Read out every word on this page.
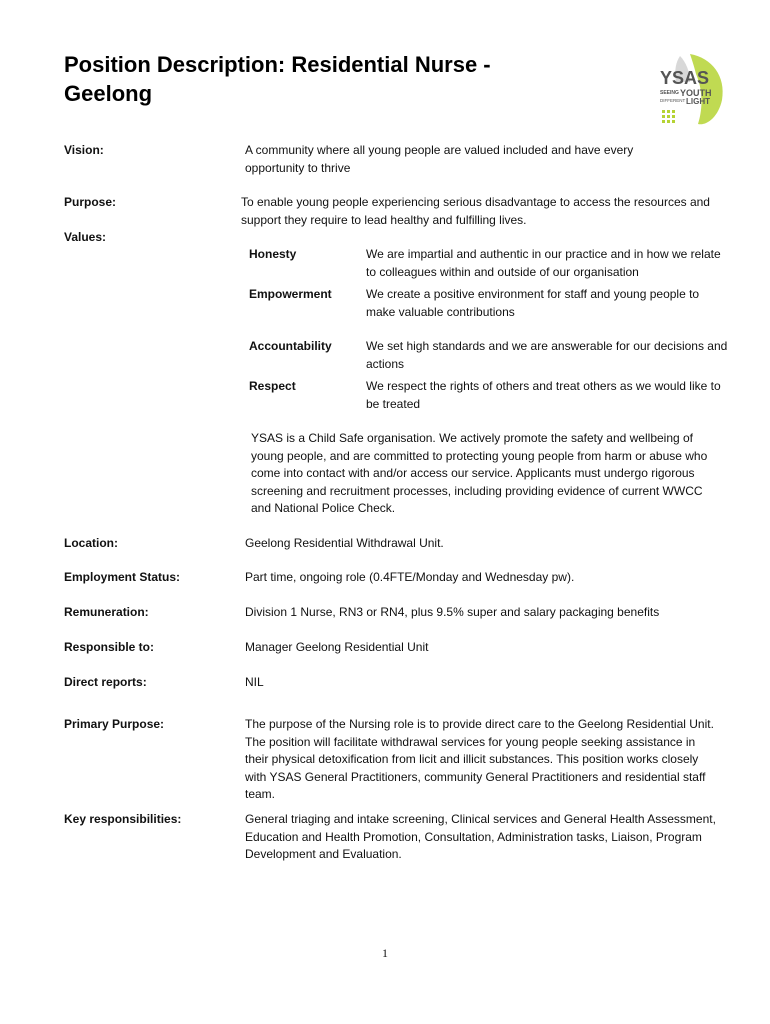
Position Description: Residential Nurse - Geelong
YSAS
SEEING YOUTH
DIFFERENT LIGHT
Vision:	A community where all young people are valued included and have every opportunity to thrive
Purpose:	To enable young people experiencing serious disadvantage to access the resources and support they require to lead healthy and fulfilling lives.
Values:
Honesty	We are impartial and authentic in our practice and in how we relate to colleagues within and outside of our organisation
Empowerment	We create a positive environment for staff and young people to make valuable contributions
Accountability	We set high standards and we are answerable for our decisions and actions
Respect	We respect the rights of others and treat others as we would like to be treated
YSAS is a Child Safe organisation. We actively promote the safety and wellbeing of young people, and are committed to protecting young people from harm or abuse who come into contact with and/or access our service. Applicants must undergo rigorous screening and recruitment processes, including providing evidence of current WWCC and National Police Check.
Location:	Geelong Residential Withdrawal Unit.
Employment Status:	Part time, ongoing role (0.4FTE/Monday and Wednesday pw).
Remuneration:	Division 1 Nurse, RN3 or RN4, plus 9.5% super and salary packaging benefits
Responsible to:	Manager Geelong Residential Unit
Direct reports:	NIL
Primary Purpose:	The purpose of the Nursing role is to provide direct care to the Geelong Residential Unit. The position will facilitate withdrawal services for young people seeking assistance in their physical detoxification from licit and illicit substances. This position works closely with YSAS General Practitioners, community General Practitioners and residential staff team.
Key responsibilities:	General triaging and intake screening, Clinical services and General Health Assessment, Education and Health Promotion, Consultation, Administration tasks, Liaison, Program Development and Evaluation.
1
